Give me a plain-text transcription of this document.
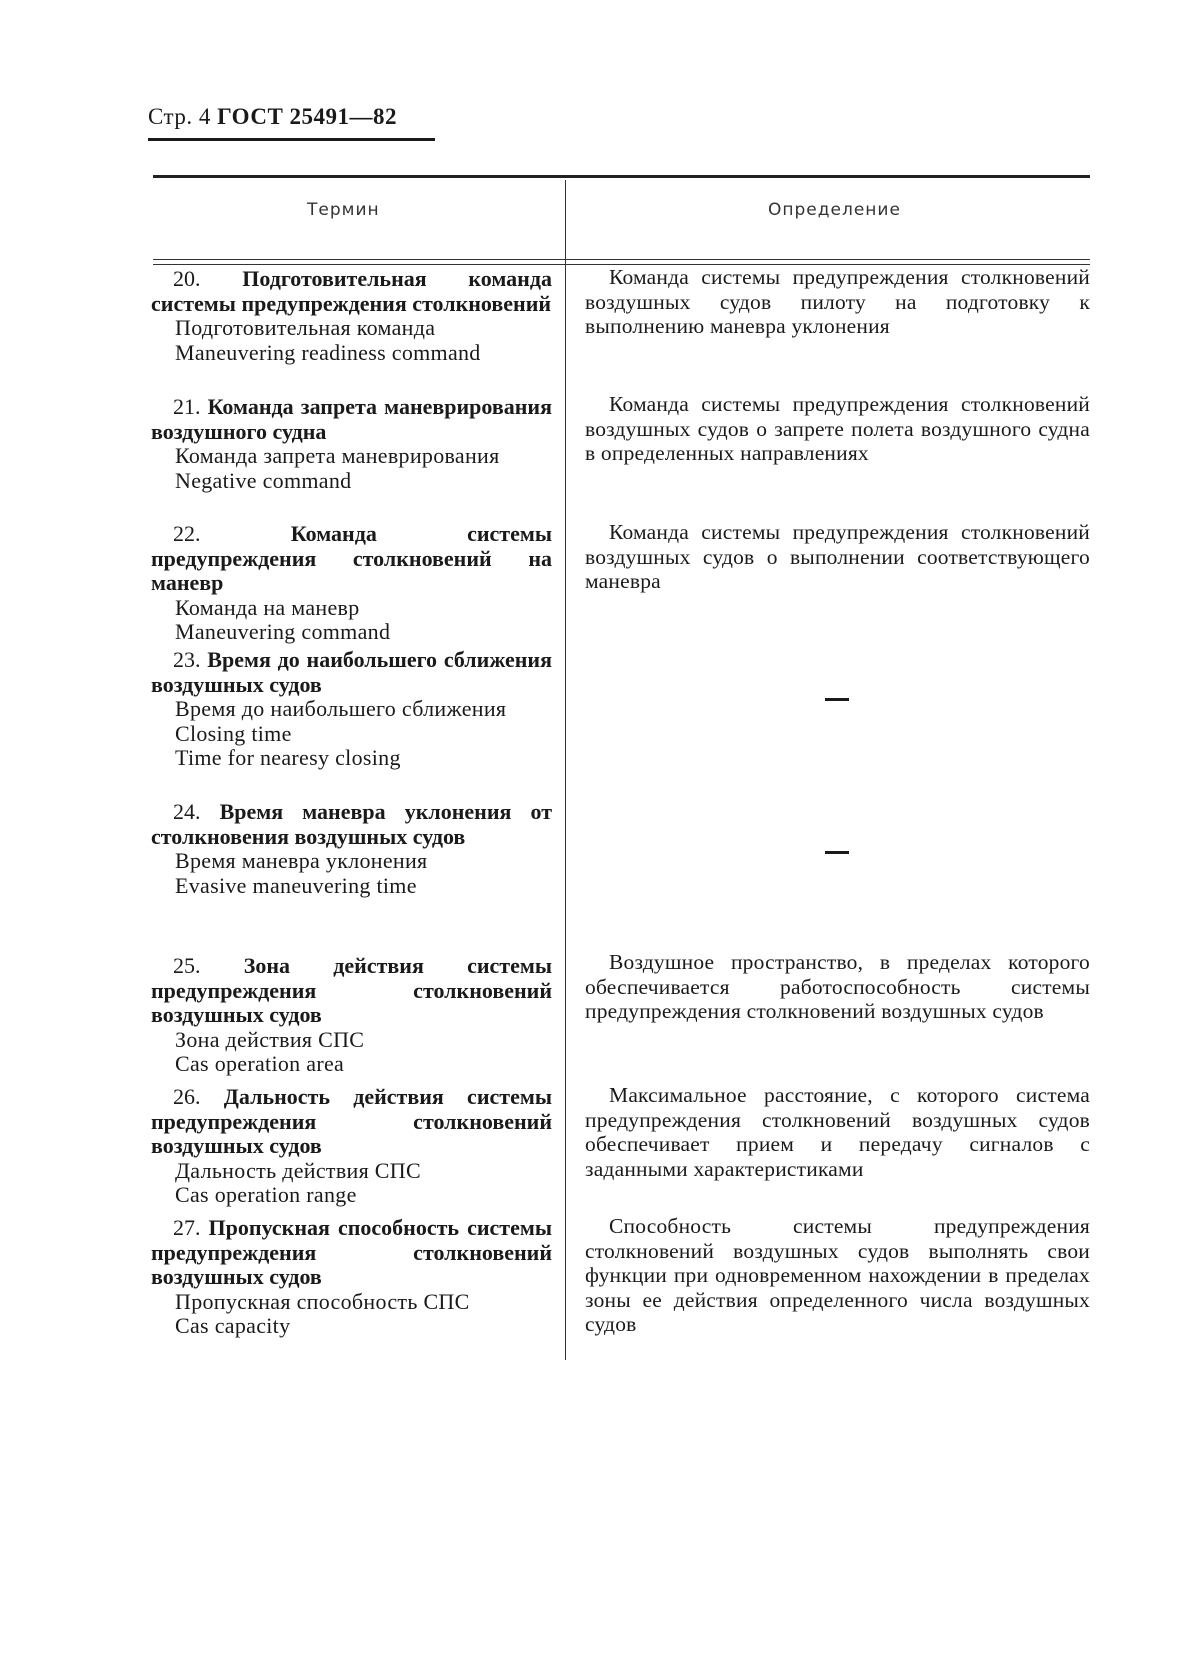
Стр. 4 ГОСТ 25491—82
Термин	Определение

20. Подготовительная команда системы предупреждения столкновений

Подготовительная команда

Maneuvering readiness command

Команда системы предупреждения столкновений воздушных судов пилоту на подготовку к выполнению маневра уклонения

21. Команда запрета маневрирования воздушного судна

Команда запрета маневрирования

Negative command

Команда системы предупреждения столкновений воздушных судов о запрете полета воздушного судна в определенных направлениях

22.	Команда системы предупреждения столкновений на маневр

Команда на маневр

Maneuvering command

Команда системы предупреждения столкновений воздушных судов о выполнении соответствующего маневра

23. Время до наибольшего сближения воздушных судов

Время до наибольшего сближения

Closing time

Time for nearesy closing

24. Время маневра уклонения от столкновения воздушных судов

Время маневра уклонения

Evasive maneuvering time

25. Зона действия системы предупреждения столкновений воздушных судов

Зона действия СПС

Cas operation area

Воздушное пространство, в пределах которого обеспечивается работоспособность системы предупреждения столкновений воздушных судов

26. Дальность действия системы предупреждения столкновений воздушных судов

Дальность действия СПС

Cas operation range

Максимальное расстояние, с которого система предупреждения столкновений воздушных судов обеспечивает прием и передачу сигналов с заданными характеристиками

27. Пропускная способность системы предупреждения столкновений воздушных судов

Пропускная способность СПС

Cas capacity

Способность системы предупреждения столкновений воздушных судов выполнять свои функции при одновременном нахождении в пределах зоны ее действия определенного числа воздушных судов
